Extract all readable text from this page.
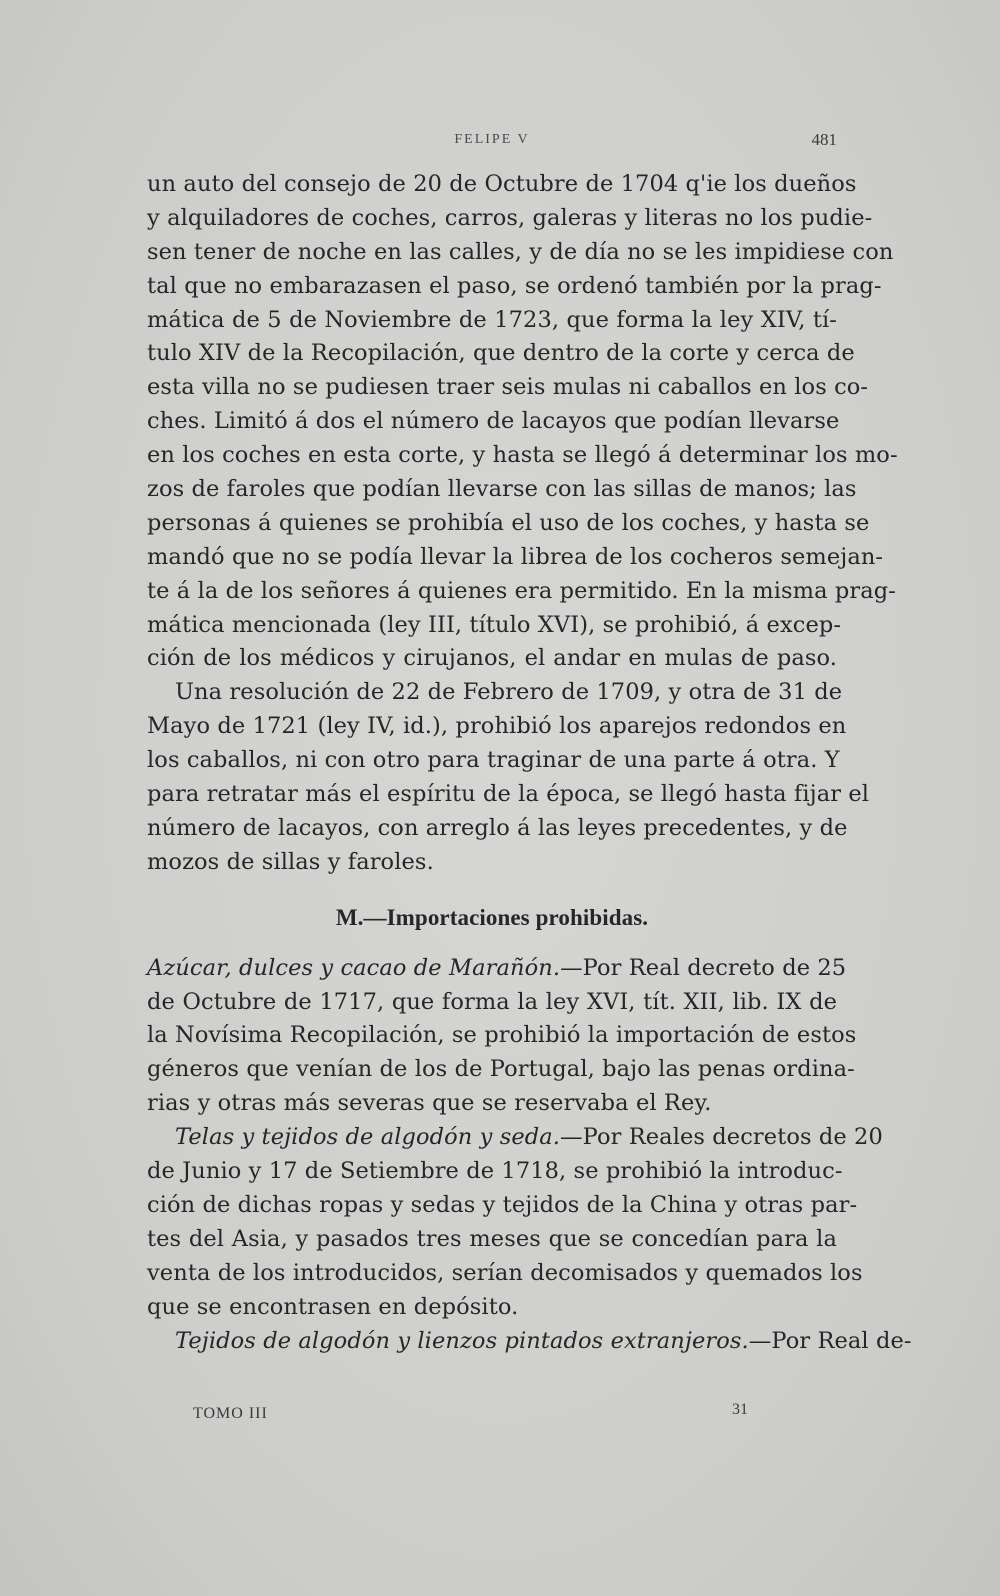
FELIPE V	481
un auto del consejo de 20 de Octubre de 1704 q'ie los dueños
y alquiladores de coches, carros, galeras y literas no los pudie-
sen tener de noche en las calles, y de día no se les impidiese con
tal que no embarazasen el paso, se ordenó también por la prag-
mática de 5 de Noviembre de 1723, que forma la ley XIV, tí-
tulo XIV de la Recopilación, que dentro de la corte y cerca de
esta villa no se pudiesen traer seis mulas ni caballos en los co-
ches. Limitó á dos el número de lacayos que podían llevarse
en los coches en esta corte, y hasta se llegó á determinar los mo-
zos de faroles que podían llevarse con las sillas de manos; las
personas á quienes se prohibía el uso de los coches, y hasta se
mandó que no se podía llevar la librea de los cocheros semejan-
te á la de los señores á quienes era permitido. En la misma prag-
mática mencionada (ley III, título XVI), se prohibió, á excep-
ción de los médicos y cirujanos, el andar en mulas de paso.
Una resolución de 22 de Febrero de 1709, y otra de 31 de
Mayo de 1721 (ley IV, id.), prohibió los aparejos redondos en
los caballos, ni con otro para traginar de una parte á otra. Y
para retratar más el espíritu de la época, se llegó hasta fijar el
número de lacayos, con arreglo á las leyes precedentes, y de
mozos de sillas y faroles.
M.—Importaciones prohibidas.
Azúcar, dulces y cacao de Marañón.—Por Real decreto de 25
de Octubre de 1717, que forma la ley XVI, tít. XII, lib. IX de
la Novísima Recopilación, se prohibió la importación de estos
géneros que venían de los de Portugal, bajo las penas ordina-
rias y otras más severas que se reservaba el Rey.
Telas y tejidos de algodón y seda.—Por Reales decretos de 20
de Junio y 17 de Setiembre de 1718, se prohibió la introduc-
ción de dichas ropas y sedas y tejidos de la China y otras par-
tes del Asia, y pasados tres meses que se concedían para la
venta de los introducidos, serían decomisados y quemados los
que se encontrasen en depósito.
Tejidos de algodón y lienzos pintados extranjeros.—Por Real de-
TOMO III	31
